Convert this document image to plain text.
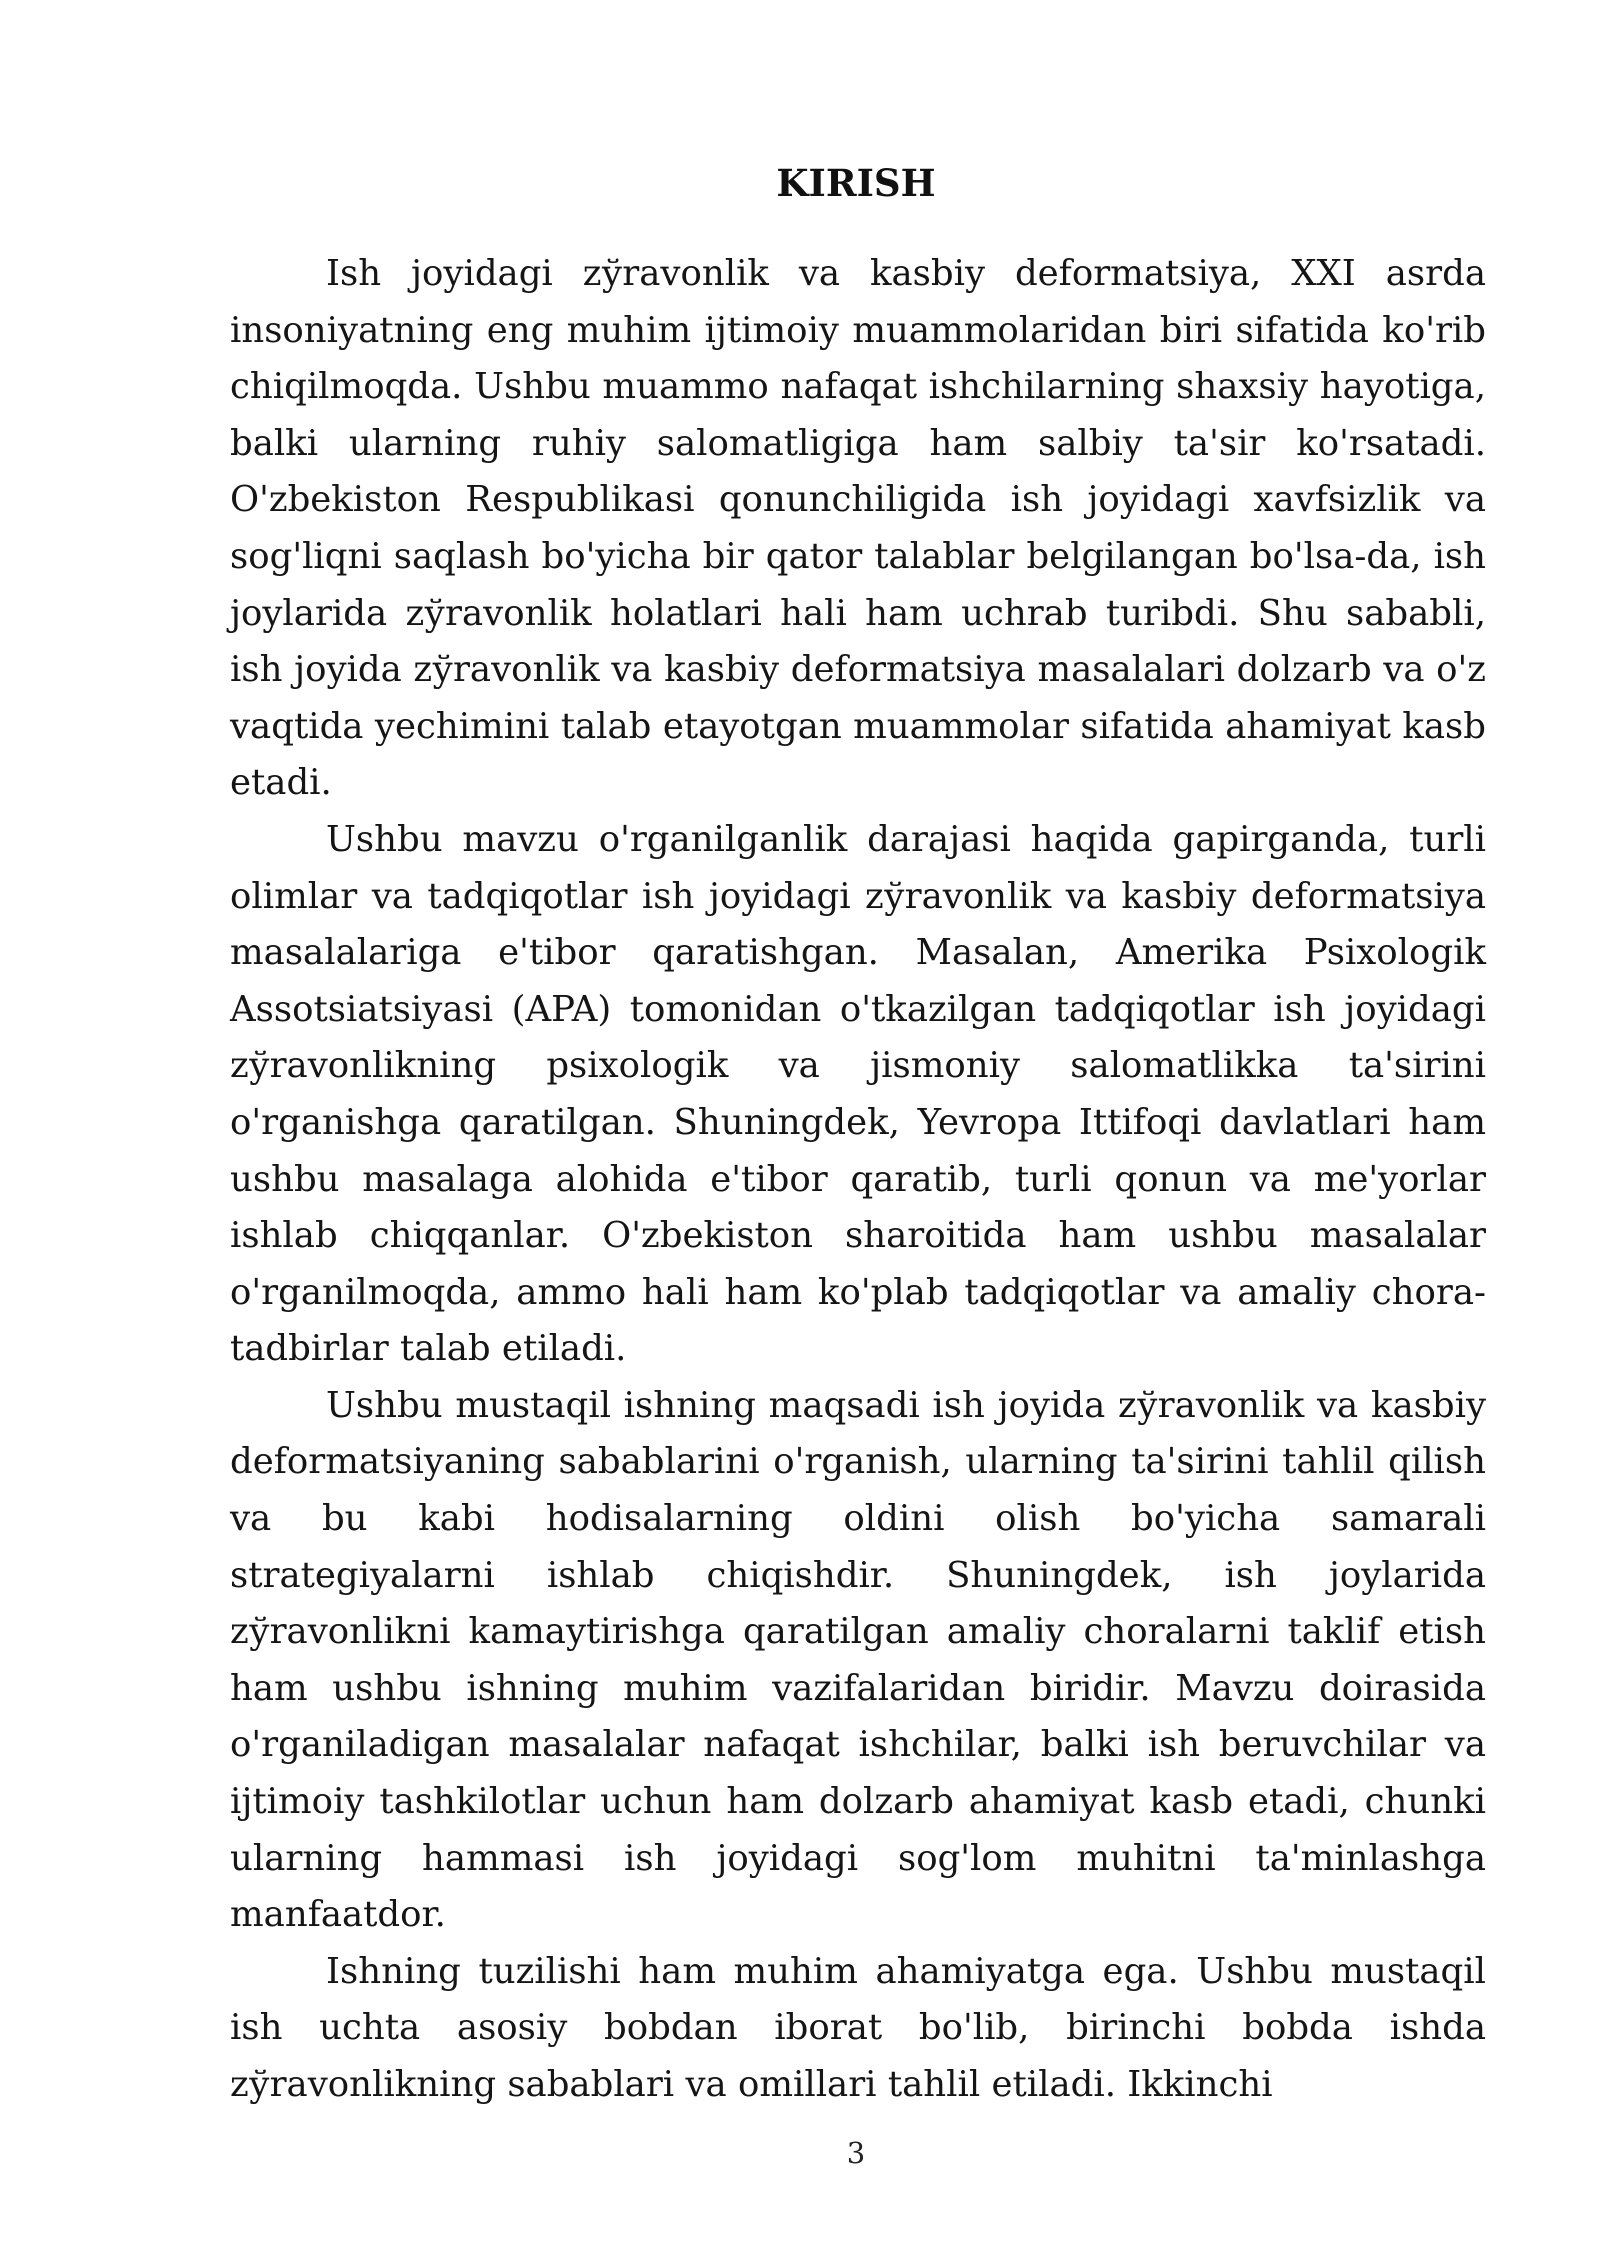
KIRISH

Ish joyidagi zўravonlik va kasbiy deformatsiya, XXI asrda insoniyatning eng muhim ijtimoiy muammolaridan biri sifatida ko'rib chiqilmoqda. Ushbu muammo nafaqat ishchilarning shaxsiy hayotiga, balki ularning ruhiy salomatligiga ham salbiy ta'sir ko'rsatadi. O'zbekiston Respublikasi qonunchiligida ish joyidagi xavfsizlik va sog'liqni saqlash bo'yicha bir qator talablar belgilangan bo'lsa-da, ish joylarida zўravonlik holatlari hali ham uchrab turibdi. Shu sababli, ish joyida zўravonlik va kasbiy deformatsiya masalalari dolzarb va o'z vaqtida yechimini talab etayotgan muammolar sifatida ahamiyat kasb etadi.

Ushbu mavzu o'rganilganlik darajasi haqida gapirganda, turli olimlar va tadqiqotlar ish joyidagi zўravonlik va kasbiy deformatsiya masalalariga e'tibor qaratishgan. Masalan, Amerika Psixologik Assotsiatsiyasi (APA) tomonidan o'tkazilgan tadqiqotlar ish joyidagi zўravonlikning psixologik va jismoniy salomatlikka ta'sirini o'rganishga qaratilgan. Shuningdek, Yevropa Ittifoqi davlatlari ham ushbu masalaga alohida e'tibor qaratib, turli qonun va me'yorlar ishlab chiqqanlar. O'zbekiston sharoitida ham ushbu masalalar o'rganilmoqda, ammo hali ham ko'plab tadqiqotlar va amaliy chora-tadbirlar talab etiladi.

Ushbu mustaqil ishning maqsadi ish joyida zўravonlik va kasbiy deformatsiyaning sabablarini o'rganish, ularning ta'sirini tahlil qilish va bu kabi hodisalarning oldini olish bo'yicha samarali strategiyalarni ishlab chiqishdir. Shuningdek, ish joylarida zўravonlikni kamaytirishga qaratilgan amaliy choralarni taklif etish ham ushbu ishning muhim vazifalaridan biridir. Mavzu doirasida o'rganiladigan masalalar nafaqat ishchilar, balki ish beruvchilar va ijtimoiy tashkilotlar uchun ham dolzarb ahamiyat kasb etadi, chunki ularning hammasi ish joyidagi sog'lom muhitni ta'minlashga manfaatdor.

Ishning tuzilishi ham muhim ahamiyatga ega. Ushbu mustaqil ish uchta asosiy bobdan iborat bo'lib, birinchi bobda ishda zўravonlikning sabablari va omillari tahlil etiladi. Ikkinchi

3
